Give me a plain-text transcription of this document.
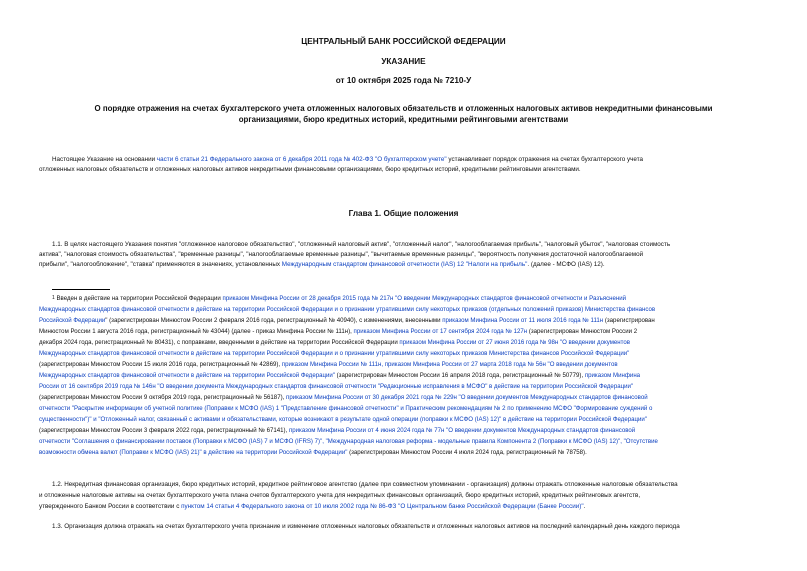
ЦЕНТРАЛЬНЫЙ БАНК РОССИЙСКОЙ ФЕДЕРАЦИИ
УКАЗАНИЕ
от 10 октября 2025 года № 7210-У
О порядке отражения на счетах бухгалтерского учета отложенных налоговых обязательств и отложенных налоговых активов некредитными финансовыми
организациями, бюро кредитных историй, кредитными рейтинговыми агентствами
Настоящее Указание на основании части 6 статьи 21 Федерального закона от 6 декабря 2011 года № 402-ФЗ "О бухгалтерском учете" устанавливает порядок отражения на счетах бухгалтерского учета
отложенных налоговых обязательств и отложенных налоговых активов некредитными финансовыми организациями, бюро кредитных историй, кредитными рейтинговыми агентствами.
Глава 1. Общие положения
1.1. В целях настоящего Указания понятия "отложенное налоговое обязательство", "отложенный налоговый актив", "отложенный налог", "налогооблагаемая прибыль", "налоговый убыток", "налоговая стоимость
актива", "налоговая стоимость обязательства", "временные разницы", "налогооблагаемые временные разницы", "вычитаемые временные разницы", "вероятность получения достаточной налогооблагаемой
прибыли", "налогообложение", "ставка" применяются в значениях, установленных Международным стандартом финансовой отчетности (IAS) 12 "Налоги на прибыль". (далее - МСФО (IAS) 12).
$^1$ Введен в действие на территории Российской Федерации приказом Минфина России от 28 декабря 2015 года № 217н "О введении Международных стандартов финансовой отчетности и Разъяснений
Международных стандартов финансовой отчетности в действие на территории Российской Федерации и о признании утратившими силу некоторых приказов (отдельных положений приказов) Министерства финансов
Российской Федерации" (зарегистрирован Минюстом России 2 февраля 2016 года, регистрационный № 40940), с изменениями, внесенными приказом Минфина России от 11 июля 2016 года № 111н (зарегистрирован
Минюстом России 1 августа 2016 года, регистрационный № 43044) (далее - приказ Минфина России № 111н), приказом Минфина России от 17 сентября 2024 года № 127н (зарегистрирован Минюстом России 2
декабря 2024 года, регистрационный № 80431), с поправками, введенными в действие на территории Российской Федерации приказом Минфина России от 27 июня 2016 года № 98н "О введении документов
Международных стандартов финансовой отчетности в действие на территории Российской Федерации и о признании утратившими силу некоторых приказов Министерства финансов Российской Федерации"
(зарегистрирован Минюстом России 15 июля 2016 года, регистрационный № 42869), приказом Минфина России № 111н, приказом Минфина России от 27 марта 2018 года № 56н "О введении документов
Международных стандартов финансовой отчетности в действие на территории Российской Федерации" (зарегистрирован Минюстом России 16 апреля 2018 года, регистрационный № 50779), приказом Минфина
России от 16 сентября 2019 года № 146н "О введении документа Международных стандартов финансовой отчетности "Редакционные исправления в МСФО" в действие на территории Российской Федерации"
(зарегистрирован Минюстом России 9 октября 2019 года, регистрационный № 56187), приказом Минфина России от 30 декабря 2021 года № 229н "О введении документов Международных стандартов финансовой
отчетности "Раскрытие информации об учетной политике (Поправки к МСФО (IAS) 1 "Представление финансовой отчетности" и Практическим рекомендациям № 2 по применению МСФО "Формирование суждений о
существенности")" и "Отложенный налог, связанный с активами и обязательствами, которые возникают в результате одной операции (поправки к МСФО (IAS) 12)" в действие на территории Российской Федерации"
(зарегистрирован Минюстом России 3 февраля 2022 года, регистрационный № 67141), приказом Минфина России от 4 июня 2024 года № 77н "О введении документов Международных стандартов финансовой
отчетности "Соглашения о финансировании поставок (Поправки к МСФО (IAS) 7 и МСФО (IFRS) 7)", "Международная налоговая реформа - модельные правила Компонента 2 (Поправки к МСФО (IAS) 12)", "Отсутствие
возможности обмена валют (Поправки к МСФО (IAS) 21)" в действие на территории Российской Федерации" (зарегистрирован Минюстом России 4 июля 2024 года, регистрационный № 78758).
1.2. Некредитная финансовая организация, бюро кредитных историй, кредитное рейтинговое агентство (далее при совместном упоминании - организация) должны отражать отложенные налоговые обязательства
и отложенные налоговые активы на счетах бухгалтерского учета плана счетов бухгалтерского учета для некредитных финансовых организаций, бюро кредитных историй, кредитных рейтинговых агентств,
утвержденного Банком России в соответствии с пунктом 14 статьи 4 Федерального закона от 10 июля 2002 года № 86-ФЗ "О Центральном банке Российской Федерации (Банке России)".
1.3. Организация должна отражать на счетах бухгалтерского учета признание и изменение отложенных налоговых обязательств и отложенных налоговых активов на последний календарный день каждого периода
